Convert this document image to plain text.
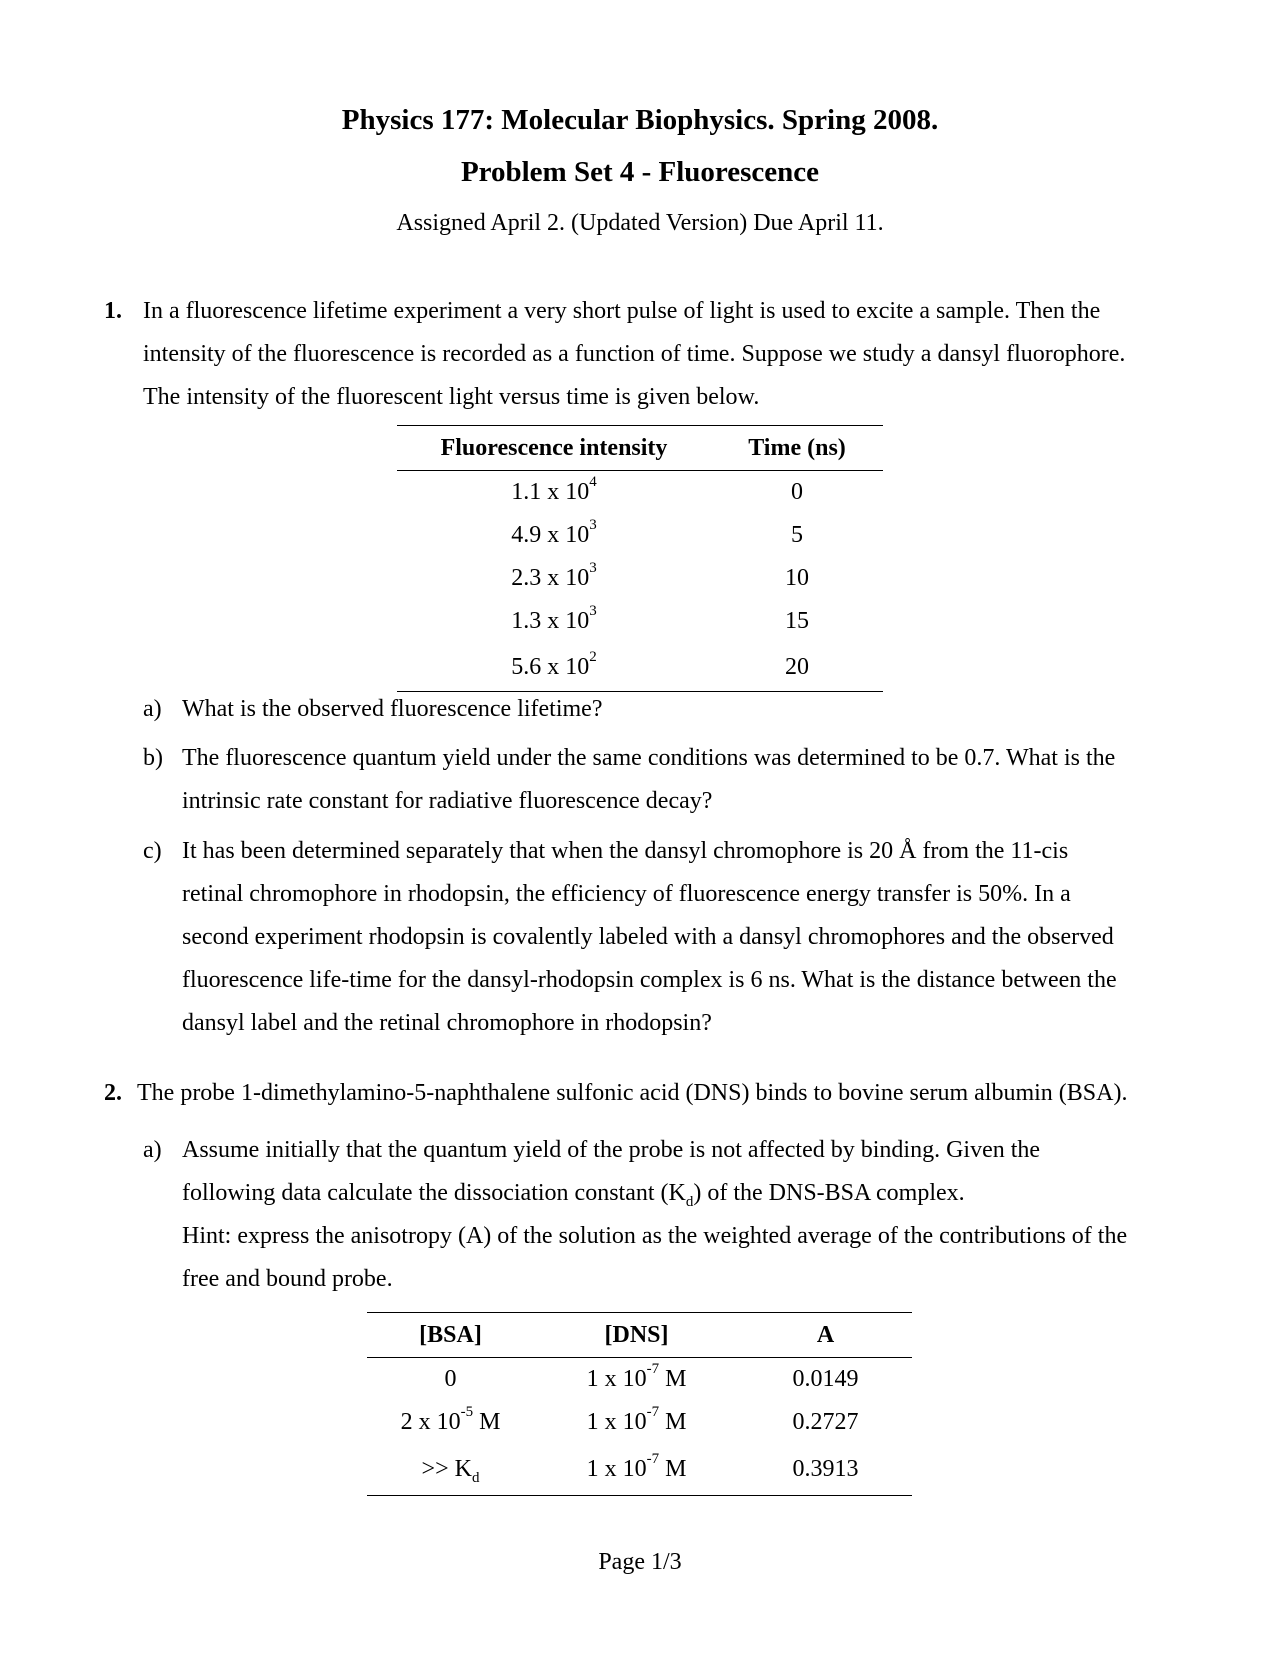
Physics 177: Molecular Biophysics. Spring 2008.
Problem Set 4 - Fluorescence
Assigned April 2. (Updated Version) Due April 11.
1. In a fluorescence lifetime experiment a very short pulse of light is used to excite a sample. Then the
intensity of the fluorescence is recorded as a function of time. Suppose we study a dansyl fluorophore.
The intensity of the fluorescent light versus time is given below.
Fluorescence intensity	Time (ns)
1.1 x $10^4$	0
4.9 x $10^3$	5
2.3 x $10^3$	10
1.3 x $10^3$	15
5.6 x $10^2$	20
a) What is the observed fluorescence lifetime?
b) The fluorescence quantum yield under the same conditions was determined to be 0.7. What is the
intrinsic rate constant for radiative fluorescence decay?
c) It has been determined separately that when the dansyl chromophore is 20 Å from the 11-cis
retinal chromophore in rhodopsin, the efficiency of fluorescence energy transfer is 50%. In a
second experiment rhodopsin is covalently labeled with a dansyl chromophores and the observed
fluorescence life-time for the dansyl-rhodopsin complex is 6 ns. What is the distance between the
dansyl label and the retinal chromophore in rhodopsin?
2. The probe 1-dimethylamino-5-naphthalene sulfonic acid (DNS) binds to bovine serum albumin (BSA).
a) Assume initially that the quantum yield of the probe is not affected by binding. Given the
following data calculate the dissociation constant $(K_d)$ of the DNS-BSA complex.
Hint: express the anisotropy (A) of the solution as the weighted average of the contributions of the
free and bound probe.
[BSA]	[DNS]	A
0	1 x $10^{-7}$ M	0.0149
2 x $10^{-5}$ M	1 x $10^{-7}$ M	0.2727
>> $K_d$	1 x $10^{-7}$ M	0.3913
Page 1/3
